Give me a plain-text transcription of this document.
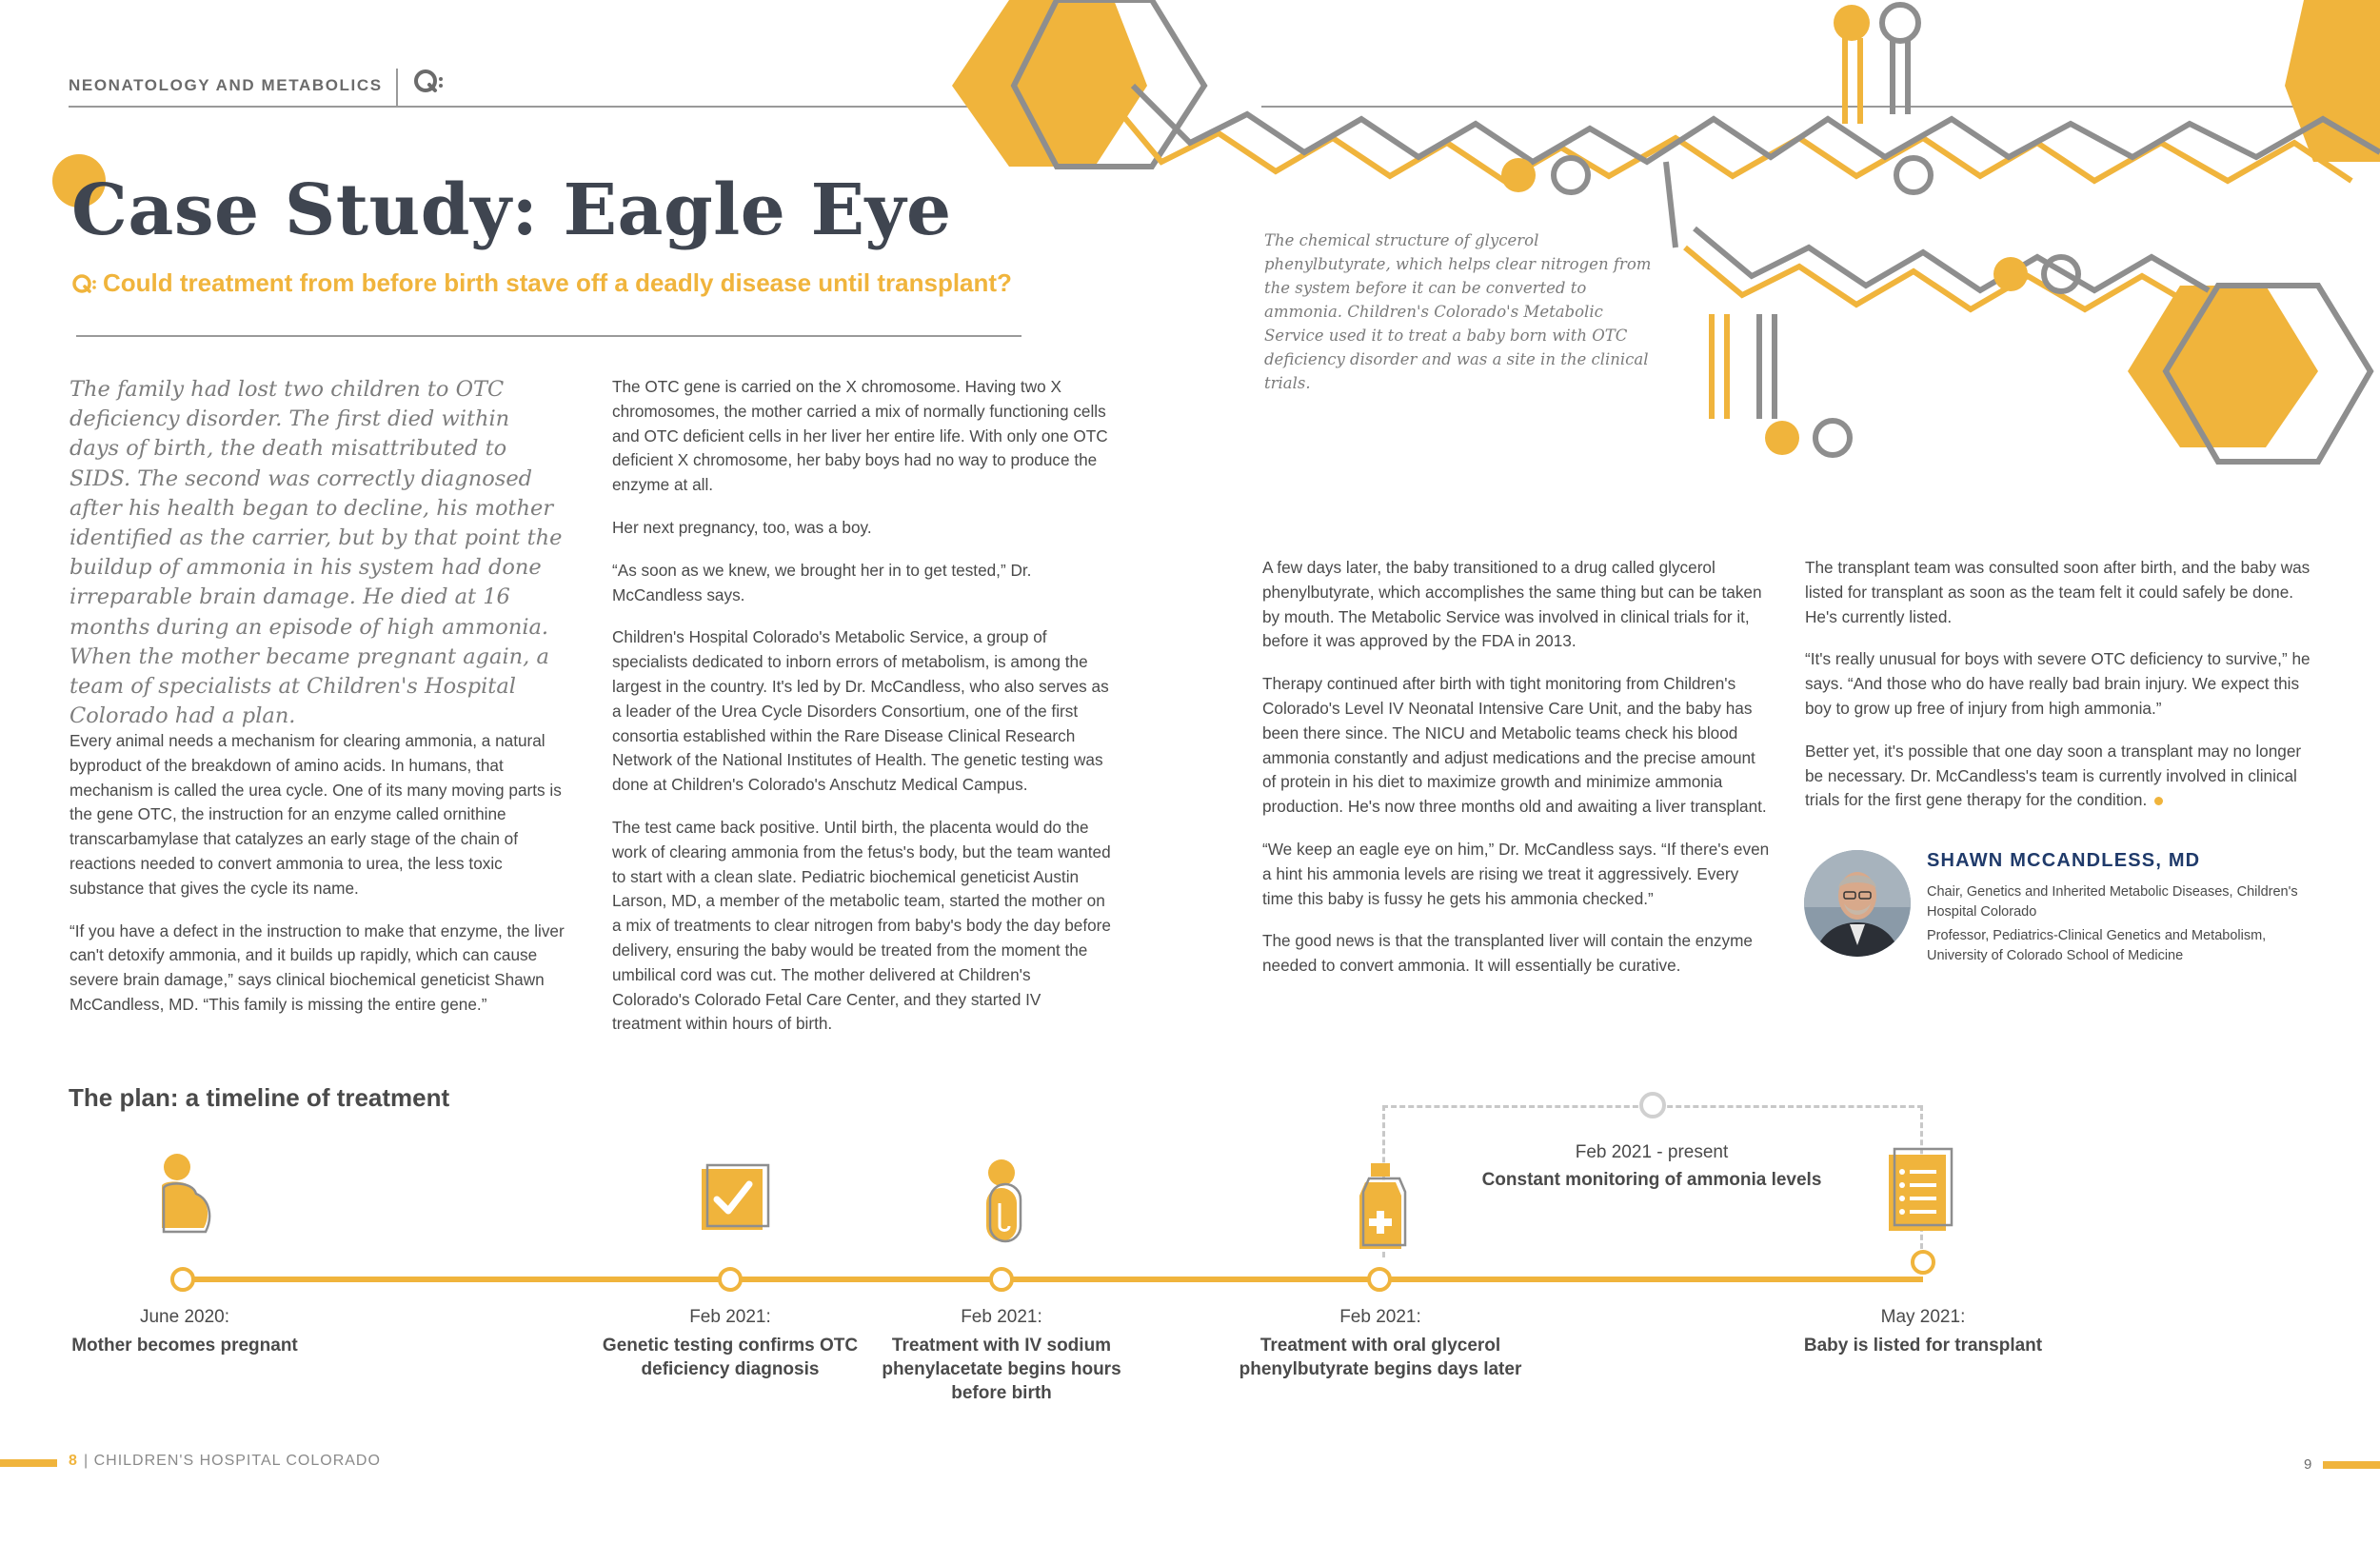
NEONATOLOGY AND METABOLICS
Case Study: Eagle Eye
Could treatment from before birth stave off a deadly disease until transplant?
The chemical structure of glycerol phenylbutyrate, which helps clear nitrogen from the system before it can be converted to ammonia. Children's Colorado's Metabolic Service used it to treat a baby born with OTC deficiency disorder and was a site in the clinical trials.
The family had lost two children to OTC deficiency disorder. The first died within days of birth, the death misattributed to SIDS. The second was correctly diagnosed after his health began to decline, his mother identified as the carrier, but by that point the buildup of ammonia in his system had done irreparable brain damage. He died at 16 months during an episode of high ammonia. When the mother became pregnant again, a team of specialists at Children's Hospital Colorado had a plan.

Every animal needs a mechanism for clearing ammonia, a natural byproduct of the breakdown of amino acids. In humans, that mechanism is called the urea cycle. One of its many moving parts is the gene OTC, the instruction for an enzyme called ornithine transcarbamylase that catalyzes an early stage of the chain of reactions needed to convert ammonia to urea, the less toxic substance that gives the cycle its name.

“If you have a defect in the instruction to make that enzyme, the liver can't detoxify ammonia, and it builds up rapidly, which can cause severe brain damage,” says clinical biochemical geneticist Shawn McCandless, MD. “This family is missing the entire gene.”

The OTC gene is carried on the X chromosome. Having two X chromosomes, the mother carried a mix of normally functioning cells and OTC deficient cells in her liver her entire life. With only one OTC deficient X chromosome, her baby boys had no way to produce the enzyme at all.

Her next pregnancy, too, was a boy.

“As soon as we knew, we brought her in to get tested,” Dr. McCandless says.

Children's Hospital Colorado's Metabolic Service, a group of specialists dedicated to inborn errors of metabolism, is among the largest in the country. It's led by Dr. McCandless, who also serves as a leader of the Urea Cycle Disorders Consortium, one of the first consortia established within the Rare Disease Clinical Research Network of the National Institutes of Health. The genetic testing was done at Children's Colorado's Anschutz Medical Campus.

The test came back positive. Until birth, the placenta would do the work of clearing ammonia from the fetus's body, but the team wanted to start with a clean slate. Pediatric biochemical geneticist Austin Larson, MD, a member of the metabolic team, started the mother on a mix of treatments to clear nitrogen from baby's body the day before delivery, ensuring the baby would be treated from the moment the umbilical cord was cut. The mother delivered at Children's Colorado's Colorado Fetal Care Center, and they started IV treatment within hours of birth.

A few days later, the baby transitioned to a drug called glycerol phenylbutyrate, which accomplishes the same thing but can be taken by mouth. The Metabolic Service was involved in clinical trials for it, before it was approved by the FDA in 2013.

Therapy continued after birth with tight monitoring from Children's Colorado's Level IV Neonatal Intensive Care Unit, and the baby has been there since. The NICU and Metabolic teams check his blood ammonia constantly and adjust medications and the precise amount of protein in his diet to maximize growth and minimize ammonia production. He's now three months old and awaiting a liver transplant.

“We keep an eagle eye on him,” Dr. McCandless says. “If there's even a hint his ammonia levels are rising we treat it aggressively. Every time this baby is fussy he gets his ammonia checked.”

The good news is that the transplanted liver will contain the enzyme needed to convert ammonia. It will essentially be curative.

The transplant team was consulted soon after birth, and the baby was listed for transplant as soon as the team felt it could safely be done. He's currently listed.

“It's really unusual for boys with severe OTC deficiency to survive,” he says. “And those who do have really bad brain injury. We expect this boy to grow up free of injury from high ammonia.”

Better yet, it's possible that one day soon a transplant may no longer be necessary. Dr. McCandless's team is currently involved in clinical trials for the first gene therapy for the condition.

SHAWN MCCANDLESS, MD
Chair, Genetics and Inherited Metabolic Diseases, Children's Hospital Colorado
Professor, Pediatrics-Clinical Genetics and Metabolism, University of Colorado School of Medicine
The plan: a timeline of treatment
Feb 2021 - present
Constant monitoring of ammonia levels
June 2020:
Mother becomes pregnant
Feb 2021:
Genetic testing confirms OTC deficiency diagnosis
Feb 2021:
Treatment with IV sodium phenylacetate begins hours before birth
Feb 2021:
Treatment with oral glycerol phenylbutyrate begins days later
May 2021:
Baby is listed for transplant
8 | CHILDREN'S HOSPITAL COLORADO	9
